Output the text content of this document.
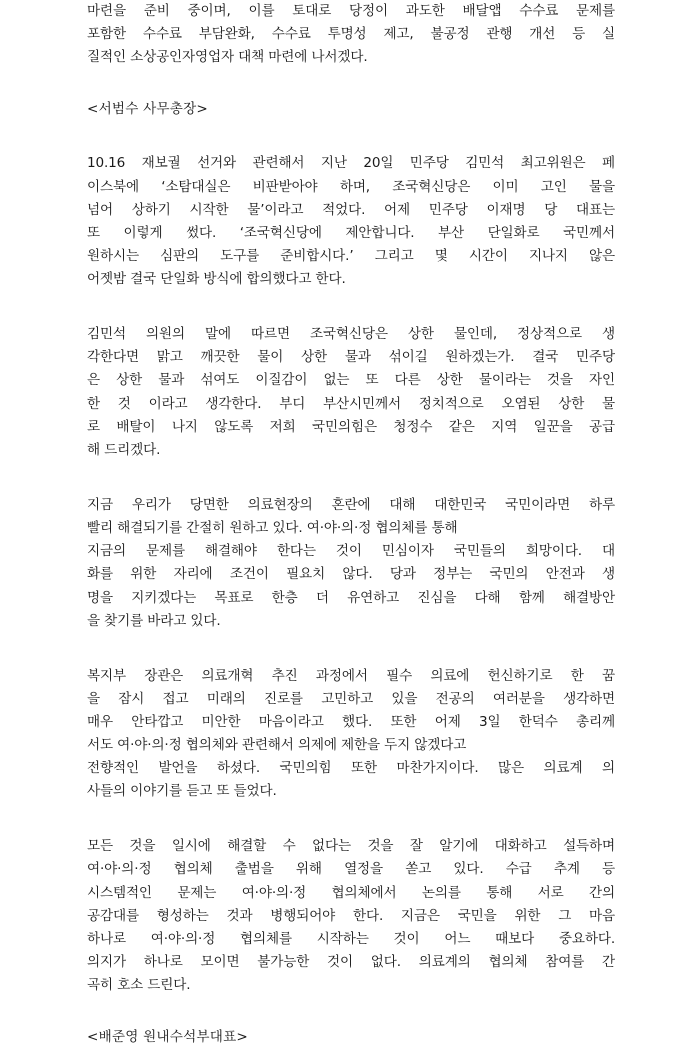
마련을 준비 중이며, 이를 토대로 당정이 과도한 배달앱 수수료 문제를
포함한 수수료 부담완화, 수수료 투명성 제고, 불공정 관행 개선 등 실
질적인 소상공인자영업자 대책 마련에 나서겠다.
<서범수 사무총장>
10.16 재보궐 선거와 관련해서 지난 20일 민주당 김민석 최고위원은 페
이스북에 ‘소탐대실은 비판받아야 하며, 조국혁신당은 이미 고인 물을
넘어 상하기 시작한 물’이라고 적었다. 어제 민주당 이재명 당 대표는
또 이렇게 썼다. ‘조국혁신당에 제안합니다. 부산 단일화로 국민께서
원하시는 심판의 도구를 준비합시다.’ 그리고 몇 시간이 지나지 않은
어젯밤 결국 단일화 방식에 합의했다고 한다.
김민석 의원의 말에 따르면 조국혁신당은 상한 물인데, 정상적으로 생
각한다면 맑고 깨끗한 물이 상한 물과 섞이길 원하겠는가. 결국 민주당
은 상한 물과 섞여도 이질감이 없는 또 다른 상한 물이라는 것을 자인
한 것 이라고 생각한다. 부디 부산시민께서 정치적으로 오염된 상한 물
로 배탈이 나지 않도록 저희 국민의힘은 청정수 같은 지역 일꾼을 공급
해 드리겠다.
지금 우리가 당면한 의료현장의 혼란에 대해 대한민국 국민이라면 하루
빨리 해결되기를 간절히 원하고 있다. 여·야·의·정 협의체를 통해
지금의 문제를 해결해야 한다는 것이 민심이자 국민들의 희망이다. 대
화를 위한 자리에 조건이 필요치 않다. 당과 정부는 국민의 안전과 생
명을 지키겠다는 목표로 한층 더 유연하고 진심을 다해 함께 해결방안
을 찾기를 바라고 있다.
복지부 장관은 의료개혁 추진 과정에서 필수 의료에 헌신하기로 한 꿈
을 잠시 접고 미래의 진로를 고민하고 있을 전공의 여러분을 생각하면
매우 안타깝고 미안한 마음이라고 했다. 또한 어제 3일 한덕수 총리께
서도 여·야·의·정 협의체와 관련해서 의제에 제한을 두지 않겠다고
전향적인 발언을 하셨다. 국민의힘 또한 마찬가지이다. 많은 의료계 의
사들의 이야기를 듣고 또 들었다.
모든 것을 일시에 해결할 수 없다는 것을 잘 알기에 대화하고 설득하며
여·야·의·정 협의체 출범을 위해 열정을 쏟고 있다. 수급 추계 등
시스템적인 문제는 여·야·의·정 협의체에서 논의를 통해 서로 간의
공감대를 형성하는 것과 병행되어야 한다. 지금은 국민을 위한 그 마음
하나로 여·야·의·정 협의체를 시작하는 것이 어느 때보다 중요하다.
의지가 하나로 모이면 불가능한 것이 없다. 의료계의 협의체 참여를 간
곡히 호소 드린다.
<배준영 원내수석부대표>
